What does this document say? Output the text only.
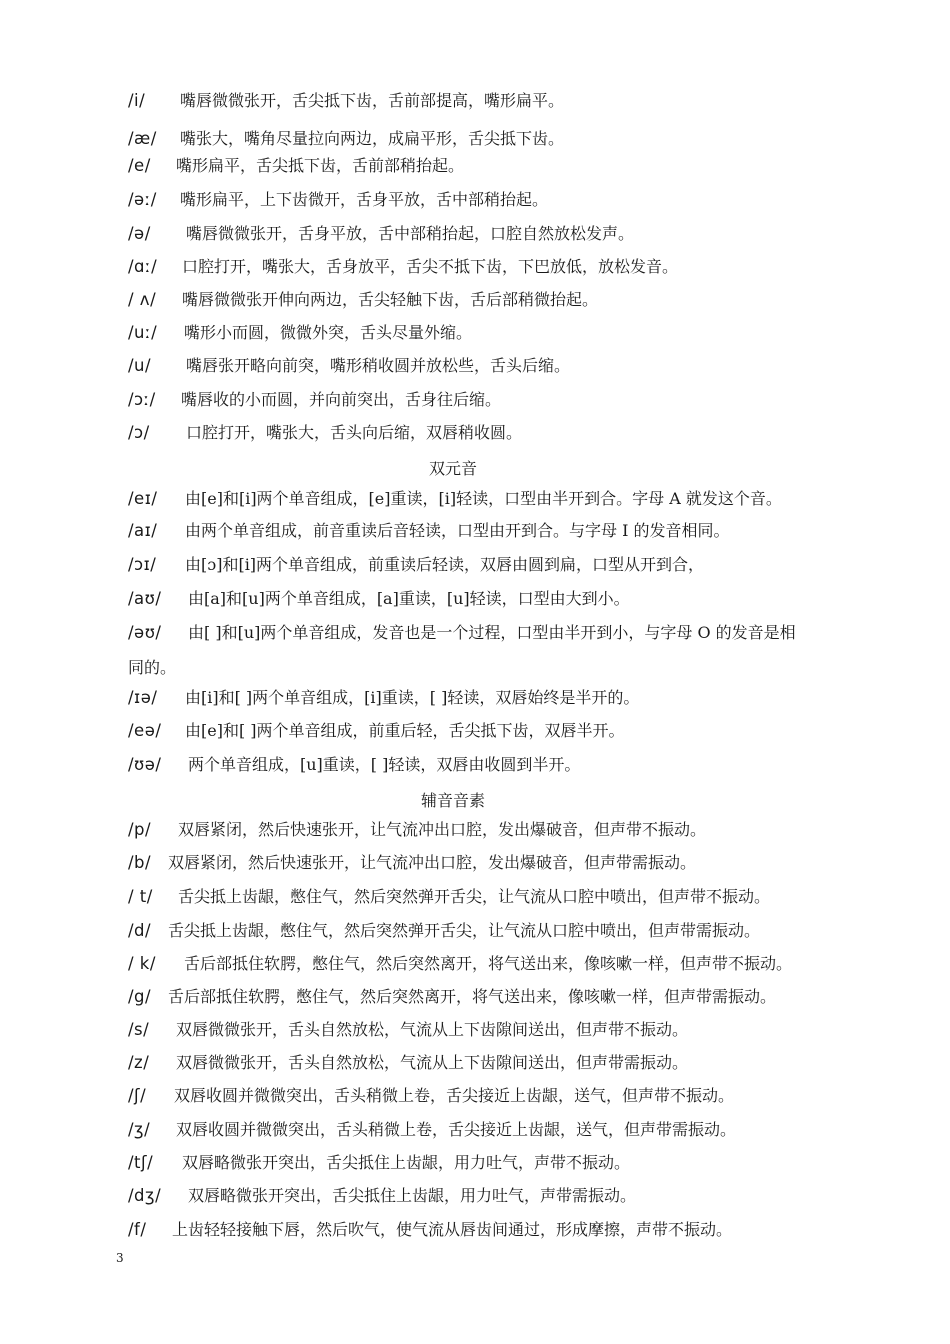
/i/ 嘴唇微微张开，舌尖抵下齿，舌前部提高，嘴形扁平。
/æ/ 嘴张大，嘴角尽量拉向两边，成扁平形，舌尖抵下齿。
/e/ 嘴形扁平，舌尖抵下齿，舌前部稍抬起。
/əː/ 嘴形扁平，上下齿微开，舌身平放，舌中部稍抬起。
/ə/ 嘴唇微微张开，舌身平放，舌中部稍抬起，口腔自然放松发声。
/ɑː/ 口腔打开，嘴张大，舌身放平，舌尖不抵下齿，下巴放低，放松发音。
/ ʌ/ 嘴唇微微张开伸向两边，舌尖轻触下齿，舌后部稍微抬起。
/uː/ 嘴形小而圆，微微外突，舌头尽量外缩。
/u/ 嘴唇张开略向前突，嘴形稍收圆并放松些，舌头后缩。
/ɔː/ 嘴唇收的小而圆，并向前突出，舌身往后缩。
/ɔ/ 口腔打开，嘴张大，舌头向后缩，双唇稍收圆。
双元音
/eɪ/ 由[e]和[i]两个单音组成，[e]重读，[i]轻读，口型由半开到合。字母 A 就发这个音。
/aɪ/ 由两个单音组成，前音重读后音轻读，口型由开到合。与字母 I 的发音相同。
/ɔɪ/ 由[ɔ]和[i]两个单音组成，前重读后轻读，双唇由圆到扁，口型从开到合，
/aʊ/ 由[a]和[u]两个单音组成，[a]重读，[u]轻读，口型由大到小。
/əʊ/ 由[ ]和[u]两个单音组成，发音也是一个过程，口型由半开到小，与字母 O 的发音是相
同的。
/ɪə/ 由[i]和[ ]两个单音组成，[i]重读，[ ]轻读，双唇始终是半开的。
/eə/ 由[e]和[ ]两个单音组成，前重后轻，舌尖抵下齿，双唇半开。
/ʊə/ 两个单音组成，[u]重读，[ ]轻读，双唇由收圆到半开。
辅音音素
/p/ 双唇紧闭，然后快速张开，让气流冲出口腔，发出爆破音，但声带不振动。
/b/ 双唇紧闭，然后快速张开，让气流冲出口腔，发出爆破音，但声带需振动。
/ t/ 舌尖抵上齿龈，憋住气，然后突然弹开舌尖，让气流从口腔中喷出，但声带不振动。
/d/ 舌尖抵上齿龈，憋住气，然后突然弹开舌尖，让气流从口腔中喷出，但声带需振动。
/ k/ 舌后部抵住软腭，憋住气，然后突然离开，将气送出来，像咳嗽一样，但声带不振动。
/g/ 舌后部抵住软腭，憋住气，然后突然离开，将气送出来，像咳嗽一样，但声带需振动。
/s/ 双唇微微张开，舌头自然放松，气流从上下齿隙间送出，但声带不振动。
/z/ 双唇微微张开，舌头自然放松，气流从上下齿隙间送出，但声带需振动。
/ʃ/ 双唇收圆并微微突出，舌头稍微上卷，舌尖接近上齿龈，送气，但声带不振动。
/ʒ/ 双唇收圆并微微突出，舌头稍微上卷，舌尖接近上齿龈，送气，但声带需振动。
/tʃ/ 双唇略微张开突出，舌尖抵住上齿龈，用力吐气，声带不振动。
/dʒ/ 双唇略微张开突出，舌尖抵住上齿龈，用力吐气，声带需振动。
/f/ 上齿轻轻接触下唇，然后吹气，使气流从唇齿间通过，形成摩擦，声带不振动。
3
